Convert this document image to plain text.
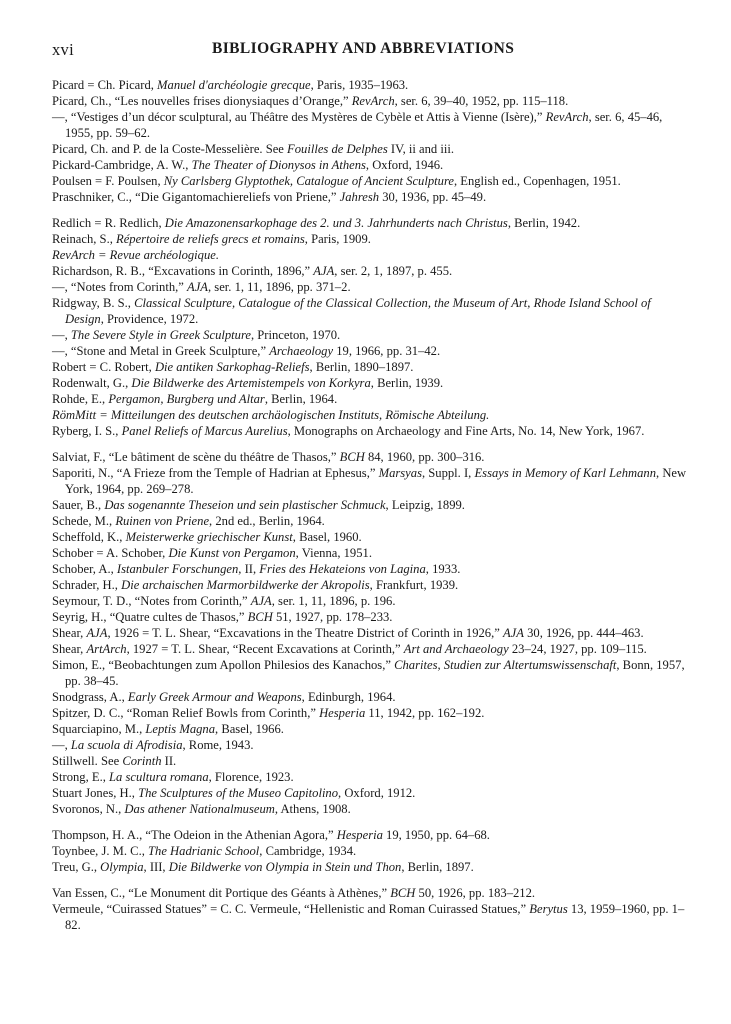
xvi	BIBLIOGRAPHY AND ABBREVIATIONS

Picard = Ch. Picard, Manuel d'archéologie grecque, Paris, 1935–1963.

Picard, Ch., “Les nouvelles frises dionysiaques d’Orange,” RevArch, ser. 6, 39–40, 1952, pp. 115–118.

—, “Vestiges d’un décor sculptural, au Théâtre des Mystères de Cybèle et Attis à Vienne (Isère),” RevArch, ser. 6, 45–46, 1955, pp. 59–62.

Picard, Ch. and P. de la Coste-Messelière. See Fouilles de Delphes IV, ii and iii.

Pickard-Cambridge, A. W., The Theater of Dionysos in Athens, Oxford, 1946.

Poulsen = F. Poulsen, Ny Carlsberg Glyptothek, Catalogue of Ancient Sculpture, English ed., Copenhagen, 1951.

Praschniker, C., “Die Gigantomachiereliefs von Priene,” Jahresh 30, 1936, pp. 45–49.

Redlich = R. Redlich, Die Amazonensarkophage des 2. und 3. Jahrhunderts nach Christus, Berlin, 1942.

Reinach, S., Répertoire de reliefs grecs et romains, Paris, 1909.

RevArch = Revue archéologique.

Richardson, R. B., “Excavations in Corinth, 1896,” AJA, ser. 2, 1, 1897, p. 455.

—, “Notes from Corinth,” AJA, ser. 1, 11, 1896, pp. 371–2.

Ridgway, B. S., Classical Sculpture, Catalogue of the Classical Collection, the Museum of Art, Rhode Island School of Design, Providence, 1972.

—, The Severe Style in Greek Sculpture, Princeton, 1970.

—, “Stone and Metal in Greek Sculpture,” Archaeology 19, 1966, pp. 31–42.

Robert = C. Robert, Die antiken Sarkophag-Reliefs, Berlin, 1890–1897.

Rodenwalt, G., Die Bildwerke des Artemistempels von Korkyra, Berlin, 1939.

Rohde, E., Pergamon, Burgberg und Altar, Berlin, 1964.

RömMitt = Mitteilungen des deutschen archäologischen Instituts, Römische Abteilung.

Ryberg, I. S., Panel Reliefs of Marcus Aurelius, Monographs on Archaeology and Fine Arts, No. 14, New York, 1967.

Salviat, F., “Le bâtiment de scène du théâtre de Thasos,” BCH 84, 1960, pp. 300–316.

Saporiti, N., “A Frieze from the Temple of Hadrian at Ephesus,” Marsyas, Suppl. I, Essays in Memory of Karl Lehmann, New York, 1964, pp. 269–278.

Sauer, B., Das sogenannte Theseion und sein plastischer Schmuck, Leipzig, 1899.

Schede, M., Ruinen von Priene, 2nd ed., Berlin, 1964.

Scheffold, K., Meisterwerke griechischer Kunst, Basel, 1960.

Schober = A. Schober, Die Kunst von Pergamon, Vienna, 1951.

Schober, A., Istanbuler Forschungen, II, Fries des Hekateions von Lagina, 1933.

Schrader, H., Die archaischen Marmorbildwerke der Akropolis, Frankfurt, 1939.

Seymour, T. D., “Notes from Corinth,” AJA, ser. 1, 11, 1896, p. 196.

Seyrig, H., “Quatre cultes de Thasos,” BCH 51, 1927, pp. 178–233.

Shear, AJA, 1926 = T. L. Shear, “Excavations in the Theatre District of Corinth in 1926,” AJA 30, 1926, pp. 444–463.

Shear, ArtArch, 1927 = T. L. Shear, “Recent Excavations at Corinth,” Art and Archaeology 23–24, 1927, pp. 109–115.

Simon, E., “Beobachtungen zum Apollon Philesios des Kanachos,” Charites, Studien zur Altertumswissenschaft, Bonn, 1957, pp. 38–45.

Snodgrass, A., Early Greek Armour and Weapons, Edinburgh, 1964.

Spitzer, D. C., “Roman Relief Bowls from Corinth,” Hesperia 11, 1942, pp. 162–192.

Squarciapino, M., Leptis Magna, Basel, 1966.

—, La scuola di Afrodisia, Rome, 1943.

Stillwell. See Corinth II.

Strong, E., La scultura romana, Florence, 1923.

Stuart Jones, H., The Sculptures of the Museo Capitolino, Oxford, 1912.

Svoronos, N., Das athener Nationalmuseum, Athens, 1908.

Thompson, H. A., “The Odeion in the Athenian Agora,” Hesperia 19, 1950, pp. 64–68.

Toynbee, J. M. C., The Hadrianic School, Cambridge, 1934.

Treu, G., Olympia, III, Die Bildwerke von Olympia in Stein und Thon, Berlin, 1897.

Van Essen, C., “Le Monument dit Portique des Géants à Athènes,” BCH 50, 1926, pp. 183–212.

Vermeule, “Cuirassed Statues” = C. C. Vermeule, “Hellenistic and Roman Cuirassed Statues,” Berytus 13, 1959–1960, pp. 1–82.
